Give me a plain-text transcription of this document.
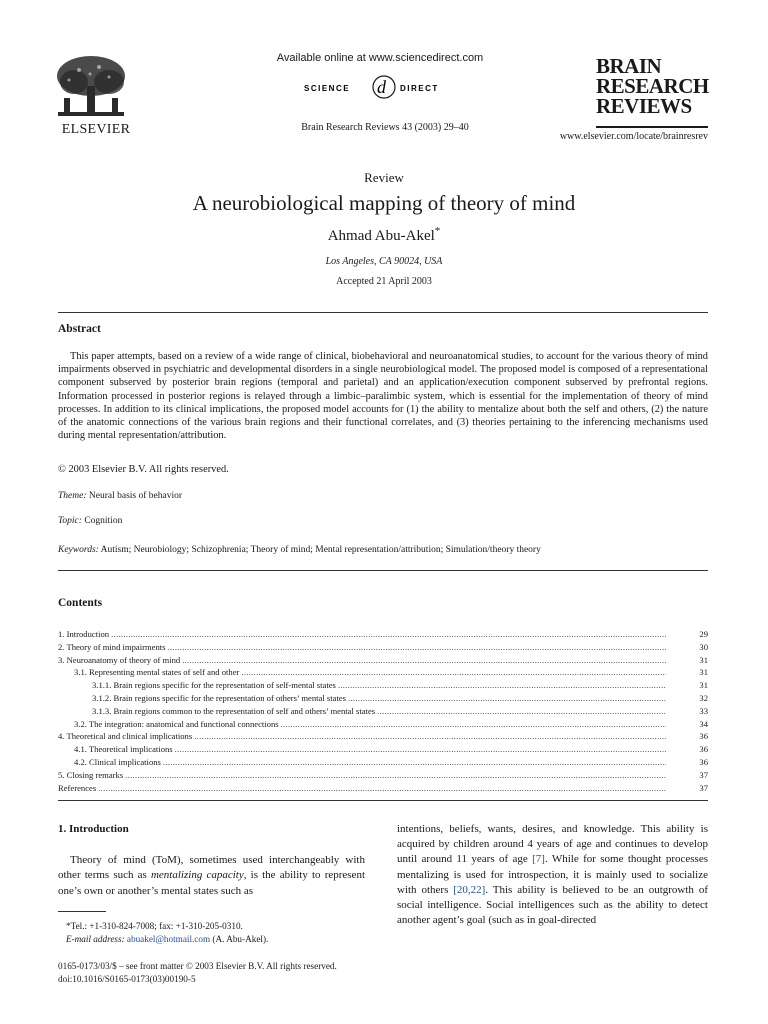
ELSEVIER
Available online at www.sciencedirect.com
SCIENCE d DIRECT
Brain Research Reviews 43 (2003) 29–40
BRAIN
RESEARCH
REVIEWS
www.elsevier.com/locate/brainresrev
Review
A neurobiological mapping of theory of mind
Ahmad Abu-Akel*
Los Angeles, CA 90024, USA
Accepted 21 April 2003
Abstract

This paper attempts, based on a review of a wide range of clinical, biobehavioral and neuroanatomical studies, to account for the various theory of mind impairments observed in psychiatric and developmental disorders in a single neurobiological model. The proposed model is composed of a representational component subserved by posterior brain regions (temporal and parietal) and an application/execution component subserved by prefrontal regions. Information processed in posterior regions is relayed through a limbic–paralimbic system, which is essential for the implementation of theory of mind processes. In addition to its clinical implications, the proposed model accounts for (1) the ability to mentalize about both the self and others, (2) the nature of the anatomic connections of the various brain regions and their functional correlates, and (3) theories pertaining to the inferencing mechanisms used during mental representation/attribution.

© 2003 Elsevier B.V. All rights reserved.
Theme: Neural basis of behavior
Topic: Cognition
Keywords: Autism; Neurobiology; Schizophrenia; Theory of mind; Mental representation/attribution; Simulation/theory theory
Contents
1. Introduction .....	29
2. Theory of mind impairments .....	30
3. Neuroanatomy of theory of mind .....	31
3.1. Representing mental states of self and other .....	31
3.1.1. Brain regions specific for the representation of self-mental states .....	31
3.1.2. Brain regions specific for the representation of others’ mental states .....	32
3.1.3. Brain regions common to the representation of self and others’ mental states .....	33
3.2. The integration: anatomical and functional connections .....	34
4. Theoretical and clinical implications .....	36
4.1. Theoretical implications .....	36
4.2. Clinical implications .....	36
5. Closing remarks .....	37
References .....	37
1. Introduction

Theory of mind (ToM), sometimes used interchangeably with other terms such as mentalizing capacity, is the ability to represent one’s own or another’s mental states such as

intentions, beliefs, wants, desires, and knowledge. This ability is acquired by children around 4 years of age and continues to develop until around 11 years of age [7]. While for some thought processes mentalizing is used for introspection, it is mainly used to socialize with others [20,22]. This ability is believed to be an outgrowth of social intelligence. Social intelligences such as the ability to detect another agent’s goal (such as in goal-directed

*Tel.: +1-310-824-7008; fax: +1-310-205-0310.
E-mail address: abuakel@hotmail.com (A. Abu-Akel).
0165-0173/03/$ – see front matter © 2003 Elsevier B.V. All rights reserved.
doi:10.1016/S0165-0173(03)00190-5
